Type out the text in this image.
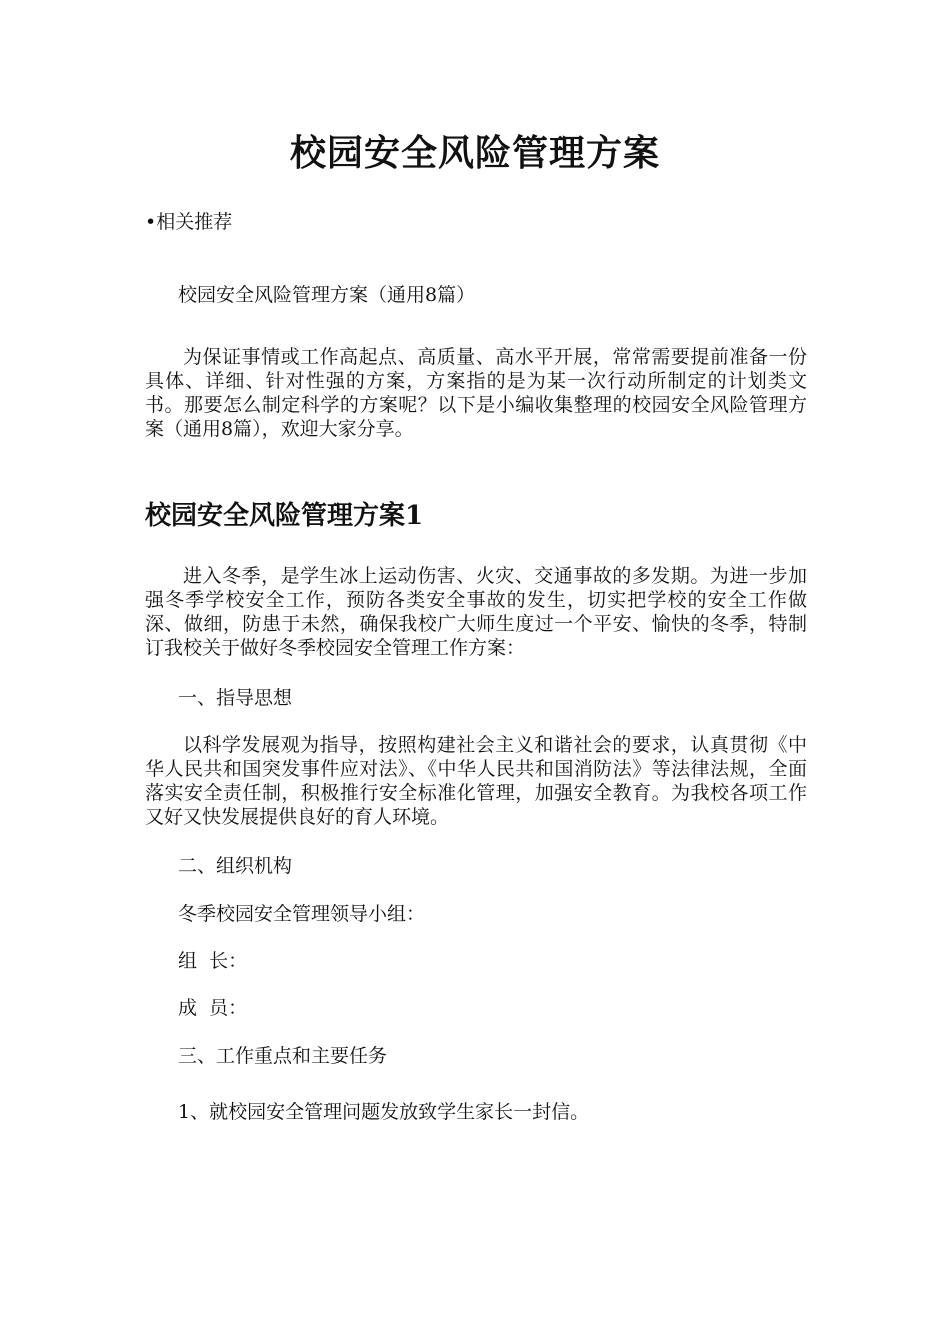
校园安全风险管理方案
•相关推荐
校园安全风险管理方案（通用8篇）

为保证事情或工作高起点、高质量、高水平开展，常常需要提前准备一份具体、详细、针对性强的方案，方案指的是为某一次行动所制定的计划类文书。那要怎么制定科学的方案呢？以下是小编收集整理的校园安全风险管理方案（通用8篇），欢迎大家分享。

校园安全风险管理方案1

进入冬季，是学生冰上运动伤害、火灾、交通事故的多发期。为进一步加强冬季学校安全工作，预防各类安全事故的发生，切实把学校的安全工作做深、做细，防患于未然，确保我校广大师生度过一个平安、愉快的冬季，特制订我校关于做好冬季校园安全管理工作方案：

一、指导思想

以科学发展观为指导，按照构建社会主义和谐社会的要求，认真贯彻《中华人民共和国突发事件应对法》、《中华人民共和国消防法》等法律法规，全面落实安全责任制，积极推行安全标准化管理，加强安全教育。为我校各项工作又好又快发展提供良好的育人环境。

二、组织机构
冬季校园安全管理领导小组：
组  长：
成  员：
三、工作重点和主要任务
1、就校园安全管理问题发放致学生家长一封信。
